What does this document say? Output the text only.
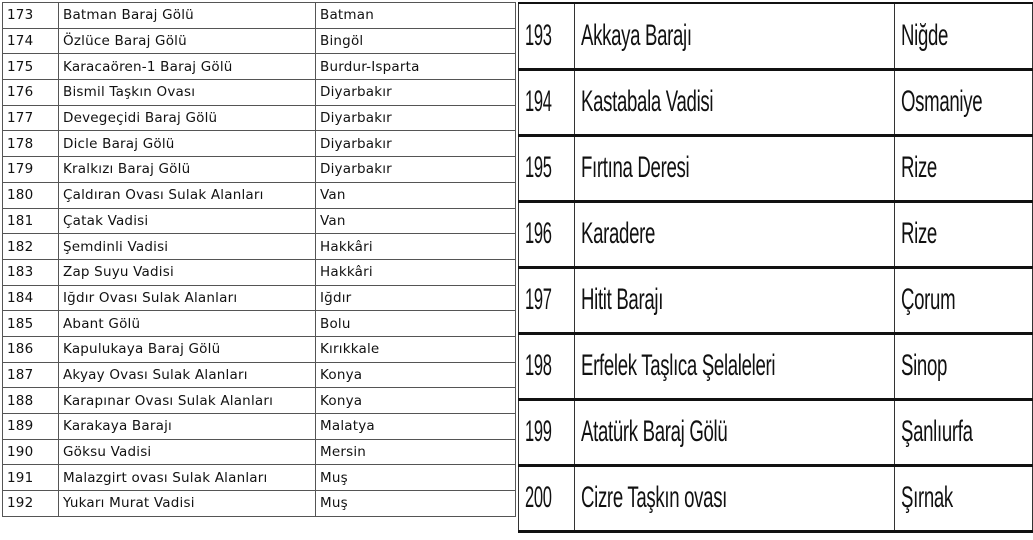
173	Batman Baraj Gölü	Batman
174	Özlüce Baraj Gölü	Bingöl
175	Karacaören-1 Baraj Gölü	Burdur-Isparta
176	Bismil Taşkın Ovası	Diyarbakır
177	Devegeçidi Baraj Gölü	Diyarbakır
178	Dicle Baraj Gölü	Diyarbakır
179	Kralkızı Baraj Gölü	Diyarbakır
180	Çaldıran Ovası Sulak Alanları	Van
181	Çatak Vadisi	Van
182	Şemdinli Vadisi	Hakkâri
183	Zap Suyu Vadisi	Hakkâri
184	Iğdır Ovası Sulak Alanları	Iğdır
185	Abant Gölü	Bolu
186	Kapulukaya Baraj Gölü	Kırıkkale
187	Akyay Ovası Sulak Alanları	Konya
188	Karapınar Ovası Sulak Alanları	Konya
189	Karakaya Barajı	Malatya
190	Göksu Vadisi	Mersin
191	Malazgirt ovası Sulak Alanları	Muş
192	Yukarı Murat Vadisi	Muş
193	Akkaya Barajı	Niğde
194	Kastabala Vadisi	Osmaniye
195	Fırtına Deresi	Rize
196	Karadere	Rize
197	Hitit Barajı	Çorum
198	Erfelek Taşlıca Şelaleleri	Sinop
199	Atatürk Baraj Gölü	Şanlıurfa
200	Cizre Taşkın ovası	Şırnak
